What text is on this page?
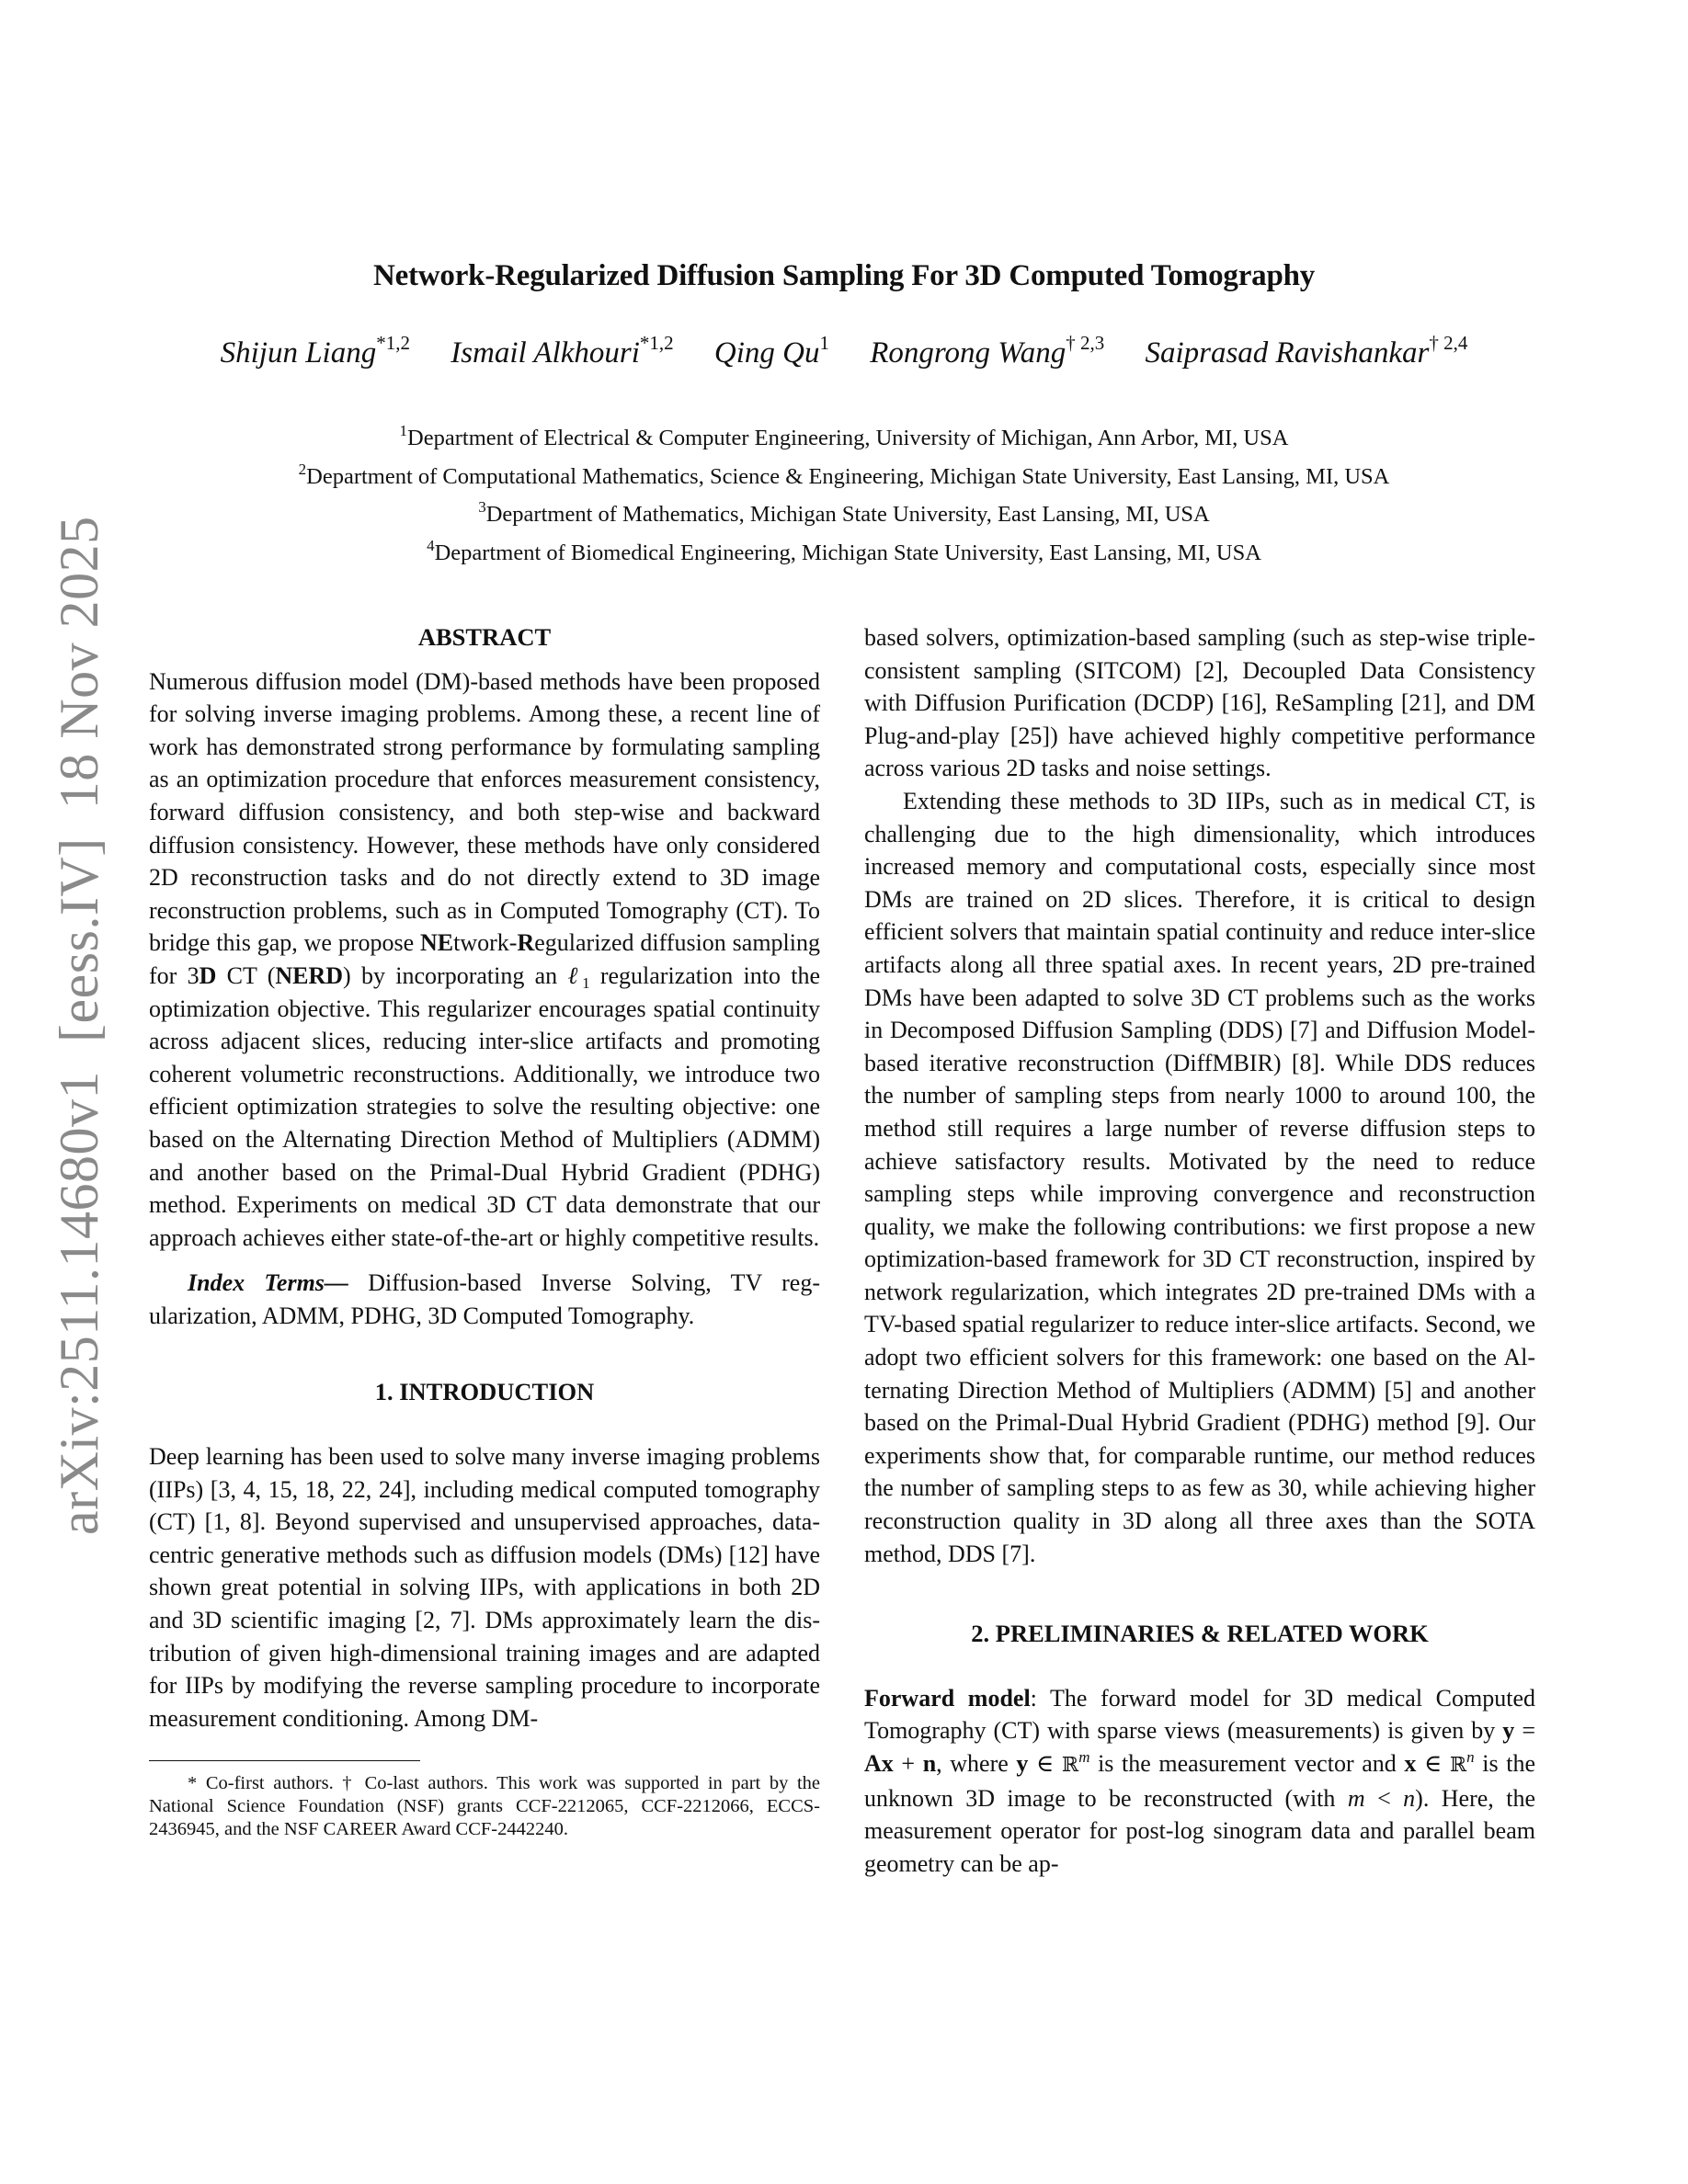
Network-Regularized Diffusion Sampling For 3D Computed Tomography
Shijun Liang$^{*1,2}$ Ismail Alkhouri$^{*1,2}$ Qing Qu$^1$ Rongrong Wang$^{\dagger 2,3}$ Saiprasad Ravishankar$^{\dagger 2,4}$
$^1$Department of Electrical & Computer Engineering, University of Michigan, Ann Arbor, MI, USA
$^2$Department of Computational Mathematics, Science & Engineering, Michigan State University, East Lansing, MI, USA
$^3$Department of Mathematics, Michigan State University, East Lansing, MI, USA
$^4$Department of Biomedical Engineering, Michigan State University, East Lansing, MI, USA
arXiv:2511.14680v1  [eess.IV]  18 Nov 2025	ABSTRACT

Numerous diffusion model (DM)-based methods have been proposed for solving inverse imaging problems. Among these, a recent line of work has demonstrated strong performance by formulating sampling as an optimization procedure that enforces measurement consistency, forward diffusion consistency, and both step-wise and backward diffusion consistency. However, these methods have only considered 2D reconstruction tasks and do not directly extend to 3D image reconstruction problems, such as in Computed Tomography (CT). To bridge this gap, we propose NEtwork-Regularized diffusion sampling for 3D CT (NERD) by incorporating an ℓ$_1$ regularization into the optimization objective. This regularizer encourages spatial continuity across adjacent slices, reducing inter-slice artifacts and promoting coherent volumetric reconstructions. Additionally, we introduce two efficient optimization strategies to solve the resulting objective: one based on the Alternating Direction Method of Multipliers (ADMM) and another based on the Primal-Dual Hybrid Gradient (PDHG) method. Experiments on medical 3D CT data demonstrate that our approach achieves either state-of-the-art or highly competitive results.

Index Terms— Diffusion-based Inverse Solving, TV regularization, ADMM, PDHG, 3D Computed Tomography.

1. INTRODUCTION

Deep learning has been used to solve many inverse imaging problems (IIPs) [3, 4, 15, 18, 22, 24], including medical computed tomography (CT) [1, 8]. Beyond supervised and unsupervised approaches, data-centric generative methods such as diffusion models (DMs) [12] have shown great potential in solving IIPs, with applications in both 2D and 3D scientific imaging [2, 7]. DMs approximately learn the distribution of given high-dimensional training images and are adapted for IIPs by modifying the reverse sampling procedure to incorporate measurement conditioning. Among DM-

* Co-first authors. † Co-last authors. This work was supported in part by the National Science Foundation (NSF) grants CCF-2212065, CCF-2212066, ECCS-2436945, and the NSF CAREER Award CCF-2442240.

based solvers, optimization-based sampling (such as step-wise triple-consistent sampling (SITCOM) [2], Decoupled Data Consistency with Diffusion Purification (DCDP) [16], ReSampling [21], and DM Plug-and-play [25]) have achieved highly competitive performance across various 2D tasks and noise settings.

Extending these methods to 3D IIPs, such as in medical CT, is challenging due to the high dimensionality, which introduces increased memory and computational costs, especially since most DMs are trained on 2D slices. Therefore, it is critical to design efficient solvers that maintain spatial continuity and reduce inter-slice artifacts along all three spatial axes. In recent years, 2D pre-trained DMs have been adapted to solve 3D CT problems such as the works in Decomposed Diffusion Sampling (DDS) [7] and Diffusion Model-based iterative reconstruction (DiffMBIR) [8]. While DDS reduces the number of sampling steps from nearly 1000 to around 100, the method still requires a large number of reverse diffusion steps to achieve satisfactory results. Motivated by the need to reduce sampling steps while improving convergence and reconstruction quality, we make the following contributions: we first propose a new optimization-based framework for 3D CT reconstruction, inspired by network regularization, which integrates 2D pre-trained DMs with a TV-based spatial regularizer to reduce inter-slice artifacts. Second, we adopt two efficient solvers for this framework: one based on the Alternating Direction Method of Multipliers (ADMM) [5] and another based on the Primal-Dual Hybrid Gradient (PDHG) method [9]. Our experiments show that, for comparable runtime, our method reduces the number of sampling steps to as few as 30, while achieving higher reconstruction quality in 3D along all three axes than the SOTA method, DDS [7].

2. PRELIMINARIES & RELATED WORK

Forward model: The forward model for 3D medical Computed Tomography (CT) with sparse views (measurements) is given by y = Ax + n, where y ∈ ℝ$^m$ is the measurement vector and x ∈ ℝ$^n$ is the unknown 3D image to be reconstructed (with m < n). Here, the measurement operator for post-log sinogram data and parallel beam geometry can be ap-
